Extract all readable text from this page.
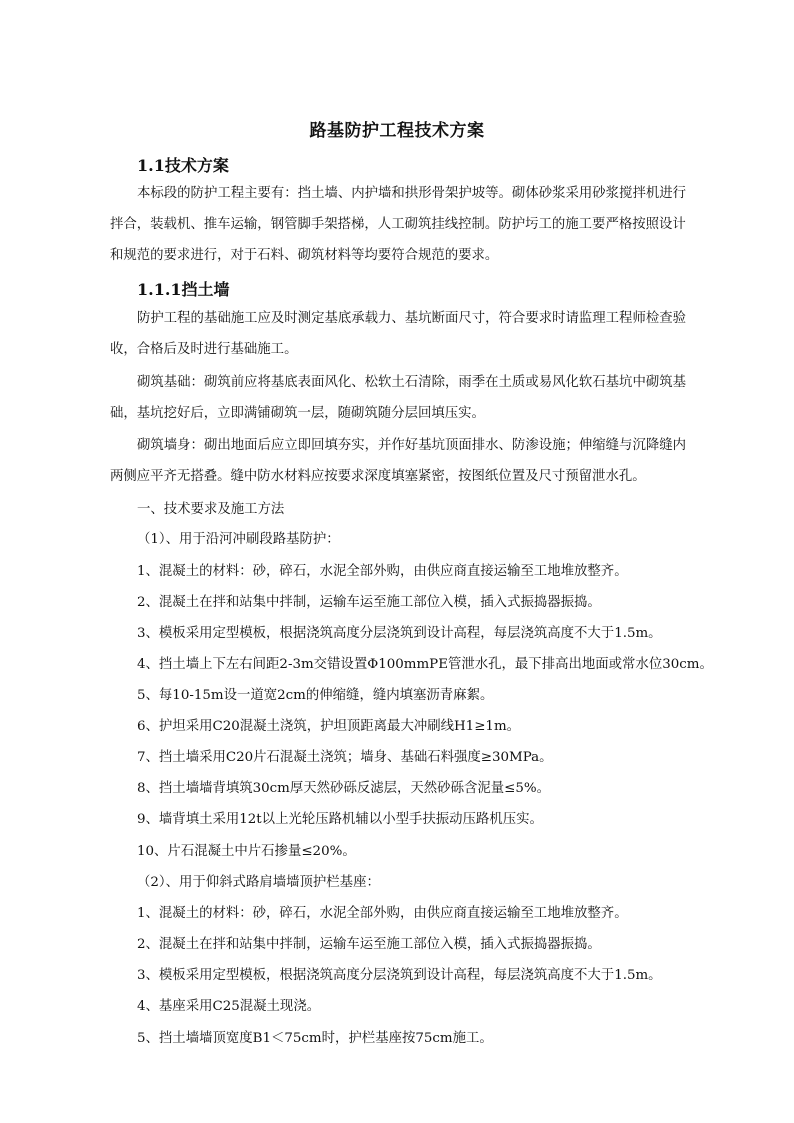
路基防护工程技术方案
1.1技术方案
本标段的防护工程主要有：挡土墙、内护墙和拱形骨架护坡等。砌体砂浆采用砂浆搅拌机进行
拌合，装载机、推车运输，钢管脚手架搭梯，人工砌筑挂线控制。防护圬工的施工要严格按照设计
和规范的要求进行，对于石料、砌筑材料等均要符合规范的要求。
1.1.1挡土墙
防护工程的基础施工应及时测定基底承载力、基坑断面尺寸，符合要求时请监理工程师检查验
收，合格后及时进行基础施工。
砌筑基础：砌筑前应将基底表面风化、松软土石清除，雨季在土质或易风化软石基坑中砌筑基
础，基坑挖好后，立即满铺砌筑一层，随砌筑随分层回填压实。
砌筑墙身：砌出地面后应立即回填夯实，并作好基坑顶面排水、防渗设施；伸缩缝与沉降缝内
两侧应平齐无搭叠。缝中防水材料应按要求深度填塞紧密，按图纸位置及尺寸预留泄水孔。
一、技术要求及施工方法
（1）、用于沿河冲刷段路基防护：
1、混凝土的材料：砂，碎石，水泥全部外购，由供应商直接运输至工地堆放整齐。
2、混凝土在拌和站集中拌制，运输车运至施工部位入模，插入式振捣器振捣。
3、模板采用定型模板，根据浇筑高度分层浇筑到设计高程，每层浇筑高度不大于1.5m。
4、挡土墙上下左右间距2-3m交错设置Φ100mmPE管泄水孔，最下排高出地面或常水位30cm。
5、每10-15m设一道宽2cm的伸缩缝，缝内填塞沥青麻絮。
6、护坦采用C20混凝土浇筑，护坦顶距离最大冲刷线H1≥1m。
7、挡土墙采用C20片石混凝土浇筑；墙身、基础石料强度≥30MPa。
8、挡土墙墙背填筑30cm厚天然砂砾反滤层，天然砂砾含泥量≤5%。
9、墙背填土采用12t以上光轮压路机辅以小型手扶振动压路机压实。
10、片石混凝土中片石掺量≤20%。
（2）、用于仰斜式路肩墙墙顶护栏基座：
1、混凝土的材料：砂，碎石，水泥全部外购，由供应商直接运输至工地堆放整齐。
2、混凝土在拌和站集中拌制，运输车运至施工部位入模，插入式振捣器振捣。
3、模板采用定型模板，根据浇筑高度分层浇筑到设计高程，每层浇筑高度不大于1.5m。
4、基座采用C25混凝土现浇。
5、挡土墙墙顶宽度B1＜75cm时，护栏基座按75cm施工。
